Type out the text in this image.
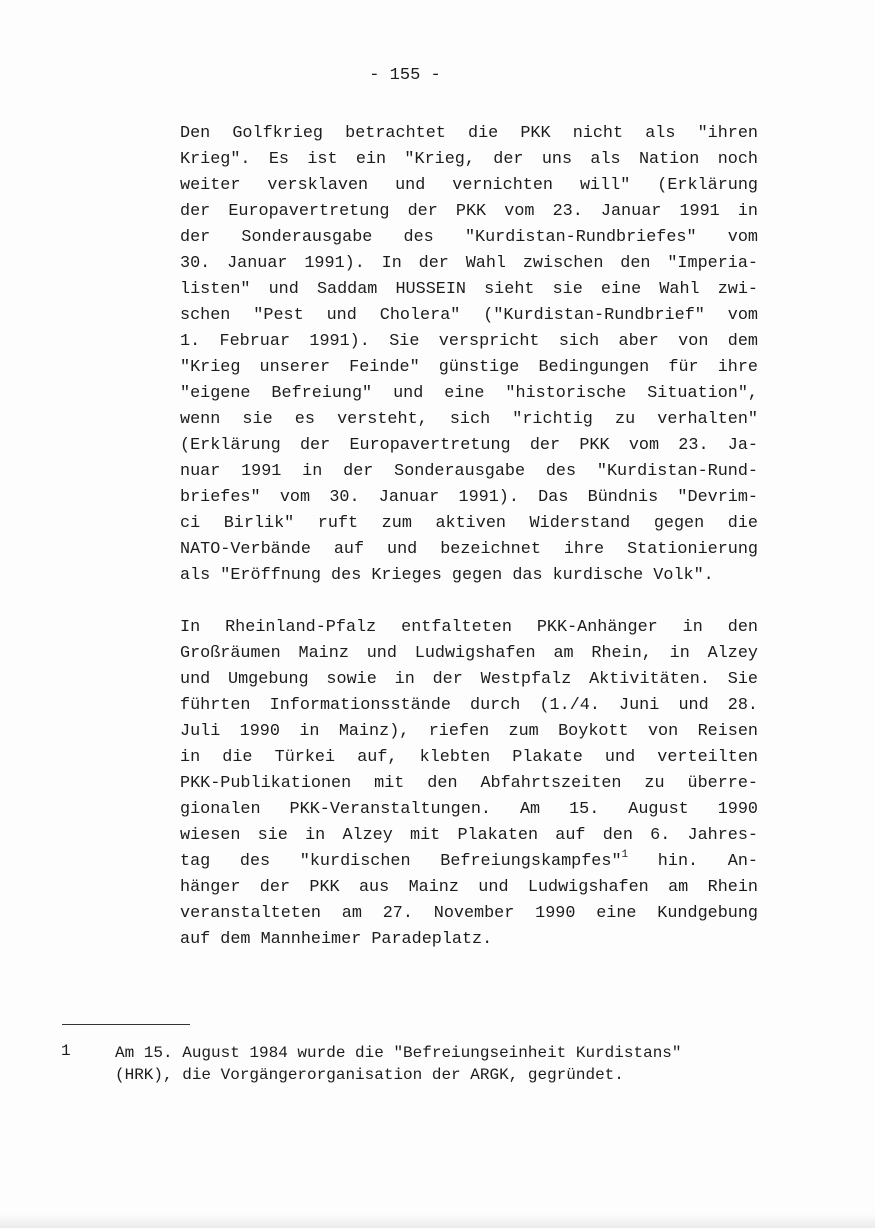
- 155 -
Den Golfkrieg betrachtet die PKK nicht als "ihren
Krieg". Es ist ein "Krieg, der uns als Nation noch
weiter versklaven und vernichten will" (Erklärung
der Europavertretung der PKK vom 23. Januar 1991 in
der Sonderausgabe des "Kurdistan-Rundbriefes" vom
30. Januar 1991). In der Wahl zwischen den "Imperia-
listen" und Saddam HUSSEIN sieht sie eine Wahl zwi-
schen "Pest und Cholera" ("Kurdistan-Rundbrief" vom
1. Februar 1991). Sie verspricht sich aber von dem
"Krieg unserer Feinde" günstige Bedingungen für ihre
"eigene Befreiung" und eine "historische Situation",
wenn sie es versteht, sich "richtig zu verhalten"
(Erklärung der Europavertretung der PKK vom 23. Ja-
nuar 1991 in der Sonderausgabe des "Kurdistan-Rund-
briefes" vom 30. Januar 1991). Das Bündnis "Devrim-
ci Birlik" ruft zum aktiven Widerstand gegen die
NATO-Verbände auf und bezeichnet ihre Stationierung
als "Eröffnung des Krieges gegen das kurdische Volk".
In Rheinland-Pfalz entfalteten PKK-Anhänger in den
Großräumen Mainz und Ludwigshafen am Rhein, in Alzey
und Umgebung sowie in der Westpfalz Aktivitäten. Sie
führten Informationsstände durch (1./4. Juni und 28.
Juli 1990 in Mainz), riefen zum Boykott von Reisen
in die Türkei auf, klebten Plakate und verteilten
PKK-Publikationen mit den Abfahrtszeiten zu überre-
gionalen PKK-Veranstaltungen. Am 15. August 1990
wiesen sie in Alzey mit Plakaten auf den 6. Jahres-
tag des "kurdischen Befreiungskampfes"$^1$ hin. An-
hänger der PKK aus Mainz und Ludwigshafen am Rhein
veranstalteten am 27. November 1990 eine Kundgebung
auf dem Mannheimer Paradeplatz.
1	Am 15. August 1984 wurde die "Befreiungseinheit Kurdistans"
(HRK), die Vorgängerorganisation der ARGK, gegründet.
